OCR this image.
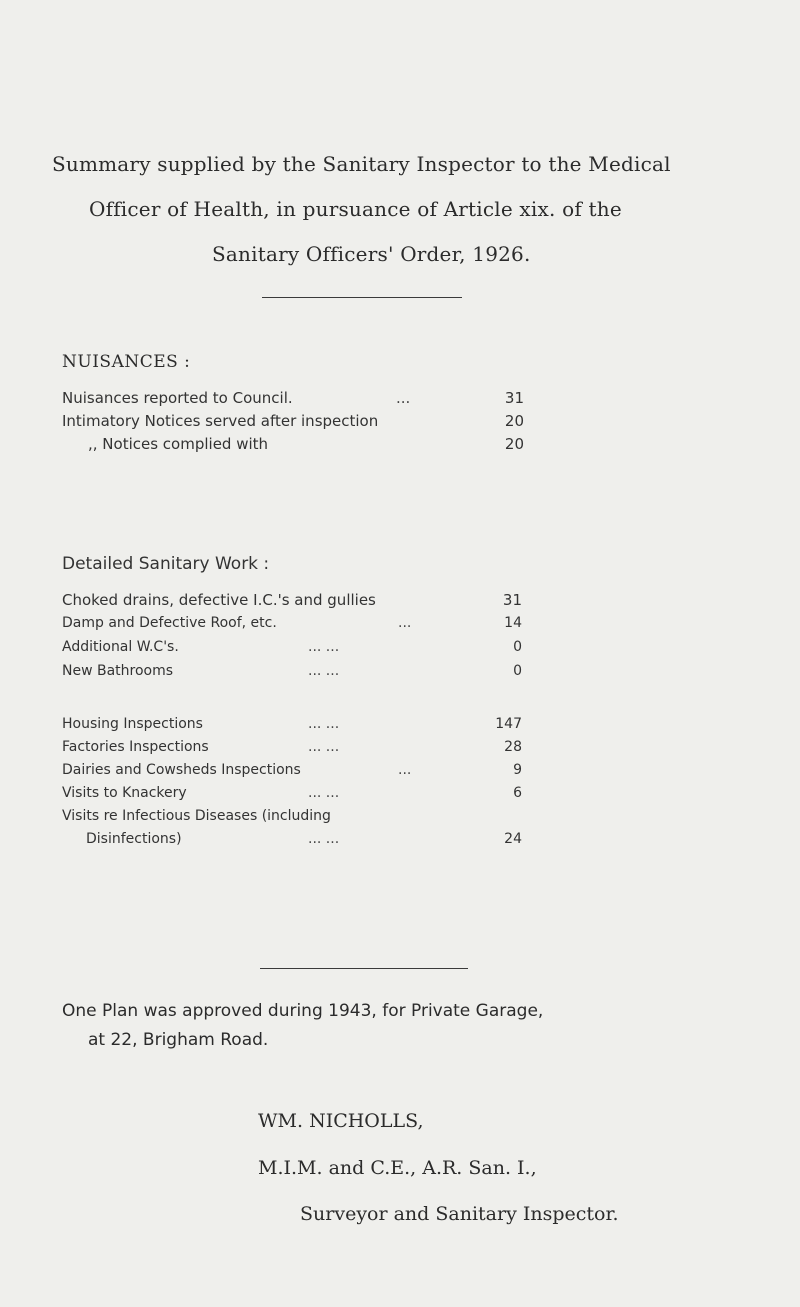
Summary supplied by the Sanitary Inspector to the Medical
Officer of Health, in pursuance of Article xix. of the
Sanitary Officers' Order, 1926.
NUISANCES :
Nuisances reported to Council.	...	31
Intimatory Notices served after inspection	20
,, Notices complied with	20
Detailed Sanitary Work :
Choked drains, defective I.C.'s and gullies	31
Damp and Defective Roof, etc.	...	14
Additional W.C's.	... ...	0
New Bathrooms	... ...	0
Housing Inspections	... ...	147
Factories Inspections	... ...	28
Dairies and Cowsheds Inspections	...	9
Visits to Knackery	... ...	6
Visits re Infectious Diseases (including
Disinfections)	... ...	24
One Plan was approved during 1943, for Private Garage,
at 22, Brigham Road.
WM. NICHOLLS,
M.I.M. and C.E., A.R. San. I.,
Surveyor and Sanitary Inspector.
